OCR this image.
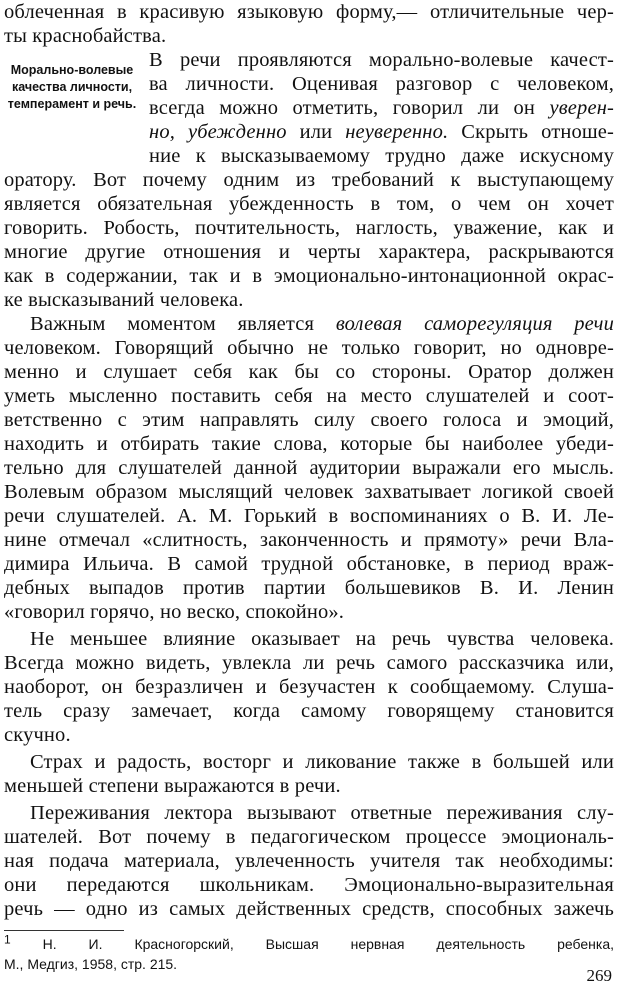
облеченная в красивую языковую форму,— отличительные чер-
ты краснобайства.
Морально-волевые качества личности, темперамент и речь.
В речи проявляются морально-волевые качест-
ва личности. Оценивая разговор с человеком,
всегда можно отметить, говорил ли он уверен-
но, убежденно или неуверенно. Скрыть отноше-
ние к высказываемому трудно даже искусному
оратору. Вот почему одним из требований к выступающему
является обязательная убежденность в том, о чем он хочет
говорить. Робость, почтительность, наглость, уважение, как и
многие другие отношения и черты характера, раскрываются
как в содержании, так и в эмоционально-интонационной окрас-
ке высказываний человека.
Важным моментом является волевая саморегуляция речи
человеком. Говорящий обычно не только говорит, но одновре-
менно и слушает себя как бы со стороны. Оратор должен
уметь мысленно поставить себя на место слушателей и соот-
ветственно с этим направлять силу своего голоса и эмоций,
находить и отбирать такие слова, которые бы наиболее убеди-
тельно для слушателей данной аудитории выражали его мысль.
Волевым образом мыслящий человек захватывает логикой своей
речи слушателей. А. М. Горький в воспоминаниях о В. И. Ле-
нине отмечал «слитность, законченность и прямоту» речи Вла-
димира Ильича. В самой трудной обстановке, в период враж-
дебных выпадов против партии большевиков В. И. Ленин
«говорил горячо, но веско, спокойно».
Не меньшее влияние оказывает на речь чувства человека.
Всегда можно видеть, увлекла ли речь самого рассказчика или,
наоборот, он безразличен и безучастен к сообщаемому. Слуша-
тель сразу замечает, когда самому говорящему становится
скучно.
Страх и радость, восторг и ликование также в большей или
меньшей степени выражаются в речи.
Переживания лектора вызывают ответные переживания слу-
шателей. Вот почему в педагогическом процессе эмоциональ-
ная подача материала, увлеченность учителя так необходимы:
они передаются школьникам. Эмоционально-выразительная
речь — одно из самых действенных средств, способных зажечь
$^1$ Н. И. Красногорский, Высшая нервная деятельность ребенка,
М., Медгиз, 1958, стр. 215.
269
